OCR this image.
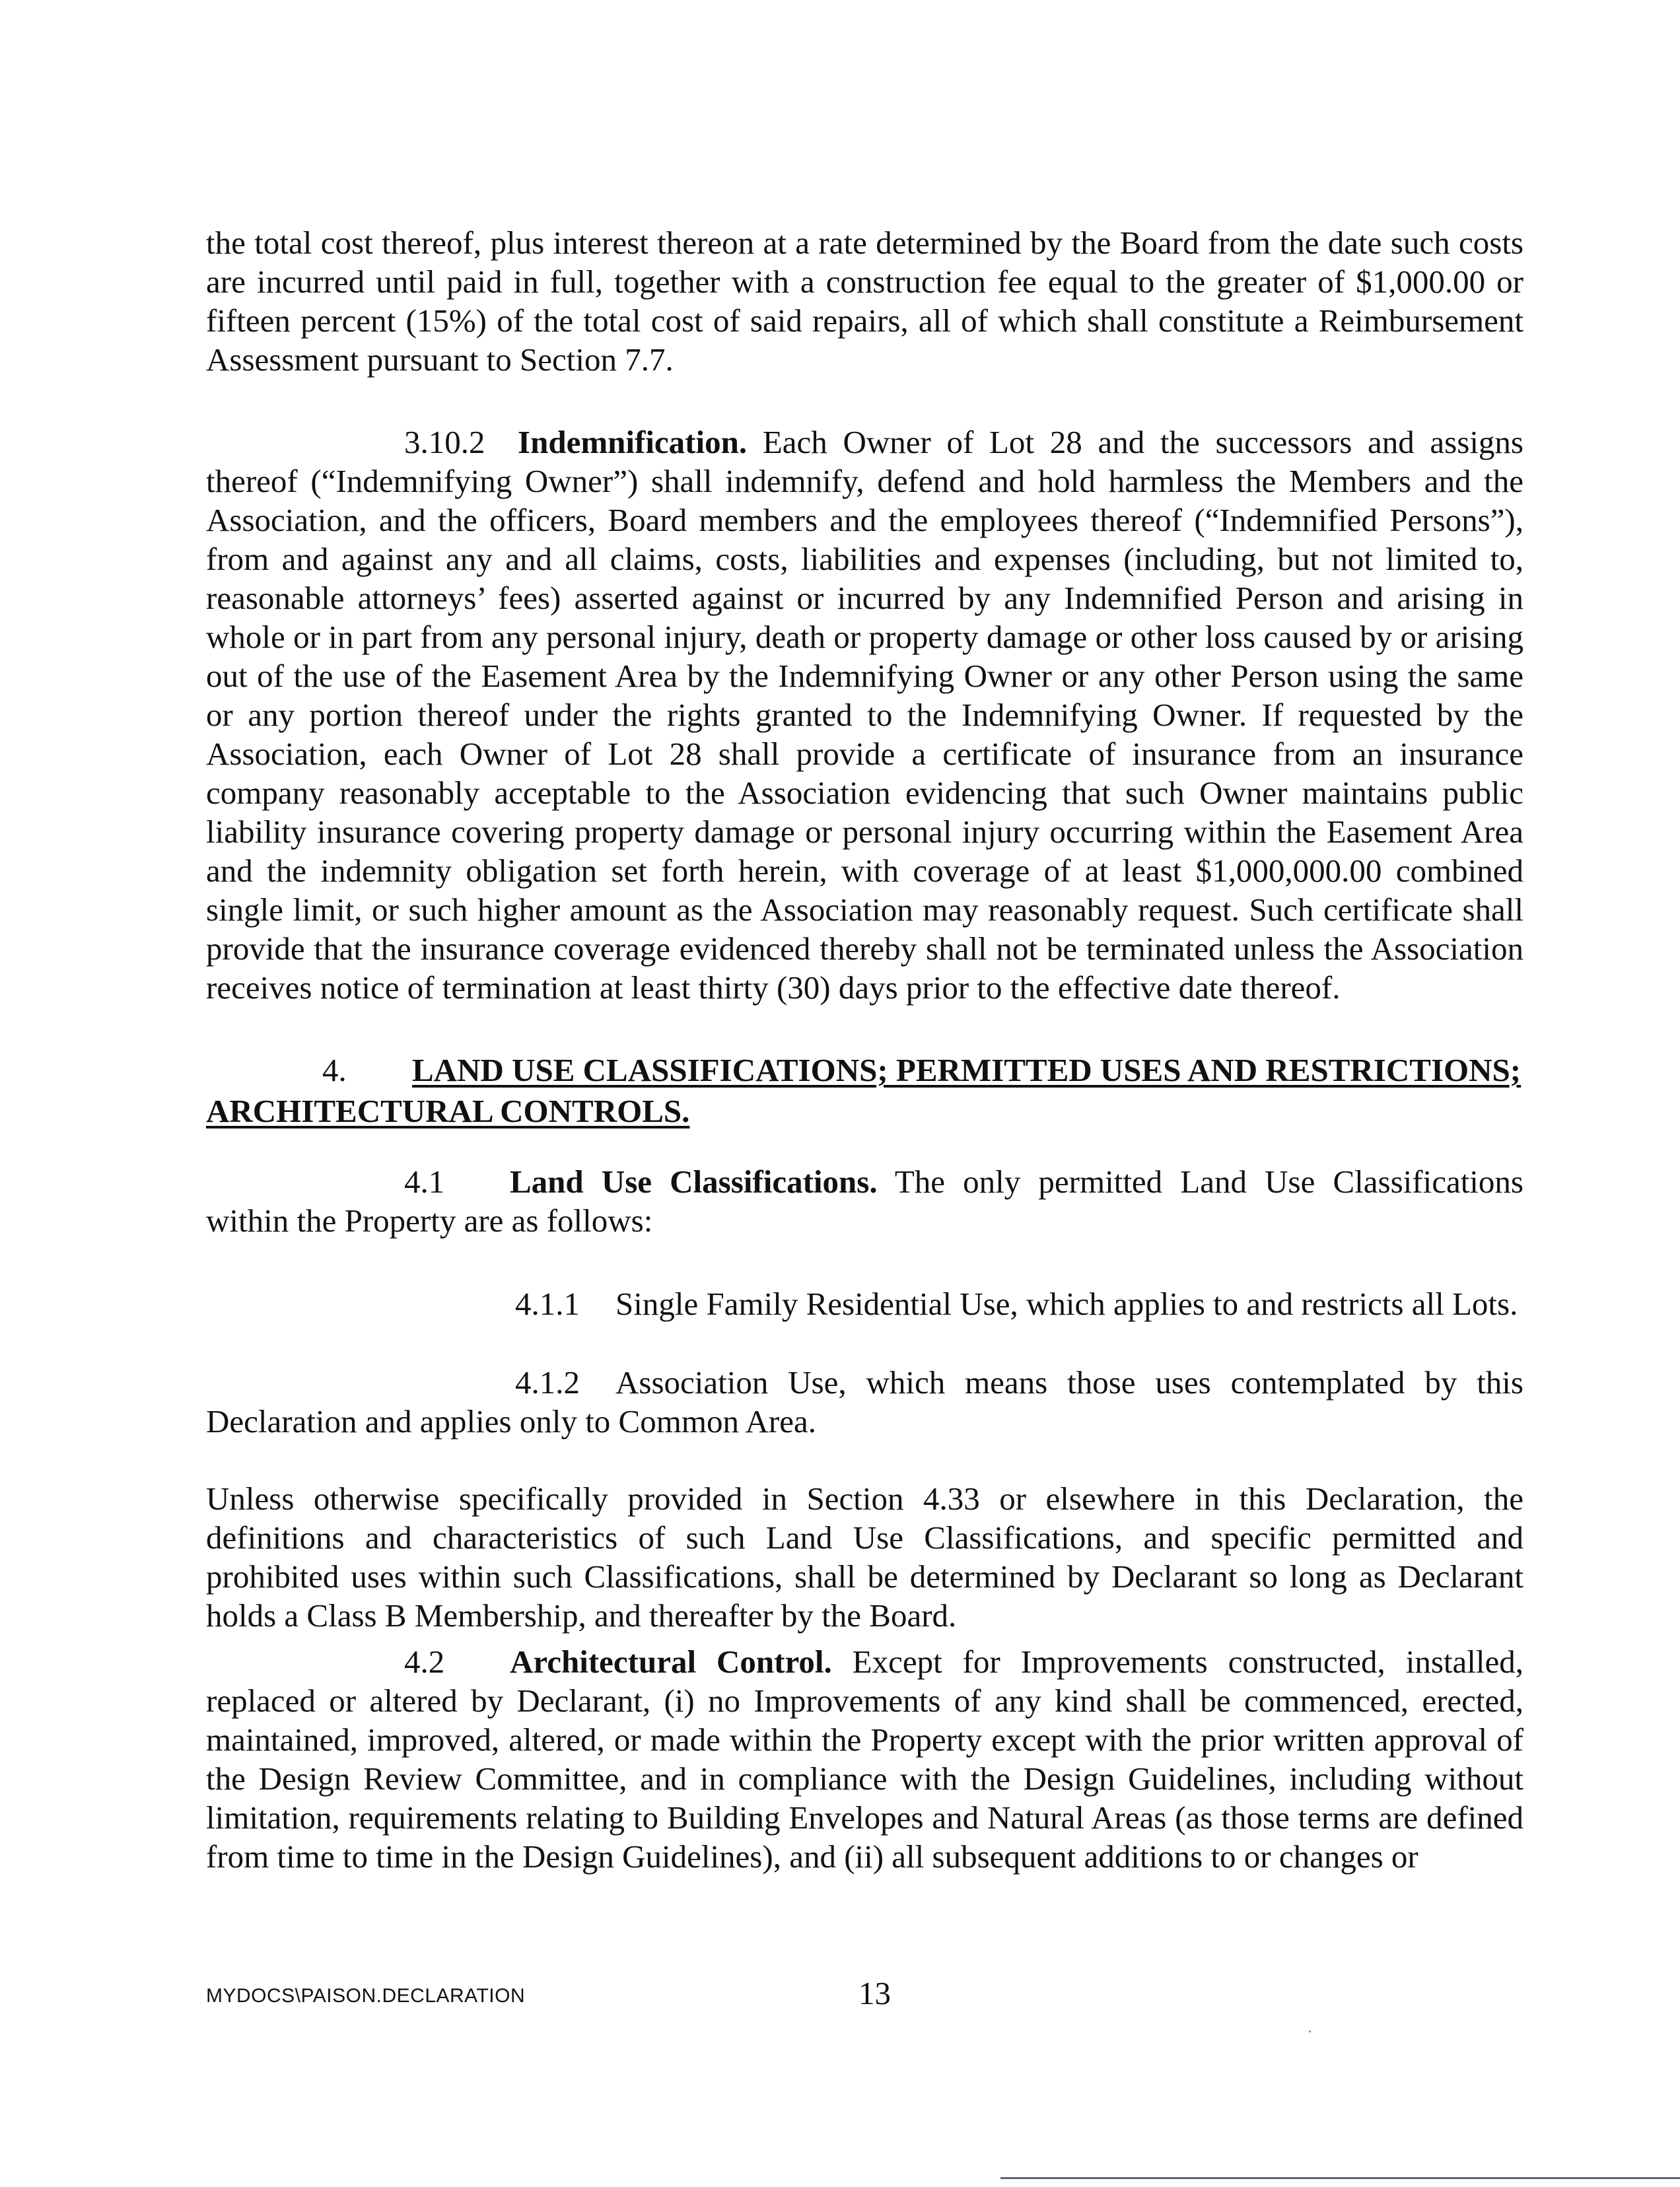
the total cost thereof, plus interest thereon at a rate determined by the Board from the date such costs are incurred until paid in full, together with a construction fee equal to the greater of $1,000.00 or fifteen percent (15%) of the total cost of said repairs, all of which shall constitute a Reimbursement Assessment pursuant to Section 7.7.

3.10.2 Indemnification. Each Owner of Lot 28 and the successors and assigns thereof (“Indemnifying Owner”) shall indemnify, defend and hold harmless the Members and the Association, and the officers, Board members and the employees thereof (“Indemnified Persons”), from and against any and all claims, costs, liabilities and expenses (including, but not limited to, reasonable attorneys’ fees) asserted against or incurred by any Indemnified Person and arising in whole or in part from any personal injury, death or property damage or other loss caused by or arising out of the use of the Easement Area by the Indemnifying Owner or any other Person using the same or any portion thereof under the rights granted to the Indemnifying Owner. If requested by the Association, each Owner of Lot 28 shall provide a certificate of insurance from an insurance company reasonably acceptable to the Association evidencing that such Owner maintains public liability insurance covering property damage or personal injury occurring within the Easement Area and the indemnity obligation set forth herein, with coverage of at least $1,000,000.00 combined single limit, or such higher amount as the Association may reasonably request. Such certificate shall provide that the insurance coverage evidenced thereby shall not be terminated unless the Association receives notice of termination at least thirty (30) days prior to the effective date thereof.

4. LAND USE CLASSIFICATIONS; PERMITTED USES AND RESTRICTIONS;
ARCHITECTURAL CONTROLS.

4.1 Land Use Classifications. The only permitted Land Use Classifications within the Property are as follows:

4.1.1 Single Family Residential Use, which applies to and restricts all Lots.

4.1.2 Association Use, which means those uses contemplated by this Declaration and applies only to Common Area.

Unless otherwise specifically provided in Section 4.33 or elsewhere in this Declaration, the definitions and characteristics of such Land Use Classifications, and specific permitted and prohibited uses within such Classifications, shall be determined by Declarant so long as Declarant holds a Class B Membership, and thereafter by the Board.

4.2 Architectural Control. Except for Improvements constructed, installed, replaced or altered by Declarant, (i) no Improvements of any kind shall be commenced, erected, maintained, improved, altered, or made within the Property except with the prior written approval of the Design Review Committee, and in compliance with the Design Guidelines, including without limitation, requirements relating to Building Envelopes and Natural Areas (as those terms are defined from time to time in the Design Guidelines), and (ii) all subsequent additions to or changes or

MYDOCS\PAISON.DECLARATION	13
